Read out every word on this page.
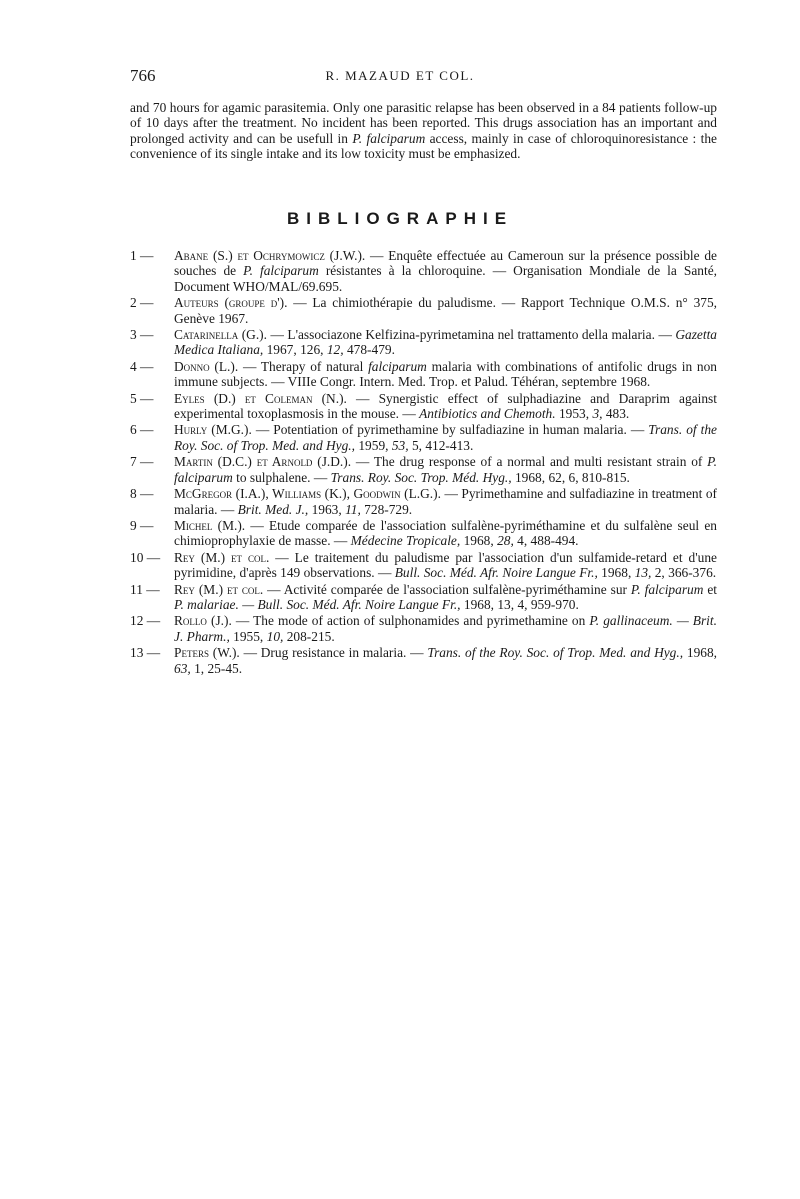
766	R. MAZAUD ET COL.

and 70 hours for agamic parasitemia. Only one parasitic relapse has been observed in a 84 patients follow-up of 10 days after the treatment. No incident has been reported. This drugs association has an important and prolonged activity and can be usefull in P. falciparum access, mainly in case of chloroquinoresistance : the convenience of its single intake and its low toxicity must be emphasized.

BIBLIOGRAPHIE
1 — Abane (S.) et Ochrymowicz (J.W.). — Enquête effectuée au Cameroun sur la présence possible de souches de P. falciparum résistantes à la chloroquine. — Organisation Mondiale de la Santé, Document WHO/MAL/69.695.
2 — Auteurs (groupe d'). — La chimiothérapie du paludisme. — Rapport Technique O.M.S. n° 375, Genève 1967.
3 — Catarinella (G.). — L'associazone Kelfizina-pyrimetamina nel trattamento della malaria. — Gazetta Medica Italiana, 1967, 126, 12, 478-479.
4 — Donno (L.). — Therapy of natural falciparum malaria with combinations of antifolic drugs in non immune subjects. — VIIIe Congr. Intern. Med. Trop. et Palud. Téhéran, septembre 1968.
5 — Eyles (D.) et Coleman (N.). — Synergistic effect of sulphadiazine and Daraprim against experimental toxoplasmosis in the mouse. — Antibiotics and Chemoth. 1953, 3, 483.
6 — Hurly (M.G.). — Potentiation of pyrimethamine by sulfadiazine in human malaria. — Trans. of the Roy. Soc. of Trop. Med. and Hyg., 1959, 53, 5, 412-413.
7 — Martin (D.C.) et Arnold (J.D.). — The drug response of a normal and multi resistant strain of P. falciparum to sulphalene. — Trans. Roy. Soc. Trop. Méd. Hyg., 1968, 62, 6, 810-815.
8 — McGregor (I.A.), Williams (K.), Goodwin (L.G.). — Pyrimethamine and sulfadiazine in treatment of malaria. — Brit. Med. J., 1963, 11, 728-729.
9 — Michel (M.). — Etude comparée de l'association sulfalène-pyriméthamine et du sulfalène seul en chimioprophylaxie de masse. — Médecine Tropicale, 1968, 28, 4, 488-494.
10 — Rey (M.) et col. — Le traitement du paludisme par l'association d'un sulfamide-retard et d'une pyrimidine, d'après 149 observations. — Bull. Soc. Méd. Afr. Noire Langue Fr., 1968, 13, 2, 366-376.
11 — Rey (M.) et col. — Activité comparée de l'association sulfalène-pyriméthamine sur P. falciparum et P. malariae. — Bull. Soc. Méd. Afr. Noire Langue Fr., 1968, 13, 4, 959-970.
12 — Rollo (J.). — The mode of action of sulphonamides and pyrimethamine on P. gallinaceum. — Brit. J. Pharm., 1955, 10, 208-215.
13 — Peters (W.). — Drug resistance in malaria. — Trans. of the Roy. Soc. of Trop. Med. and Hyg., 1968, 63, 1, 25-45.
